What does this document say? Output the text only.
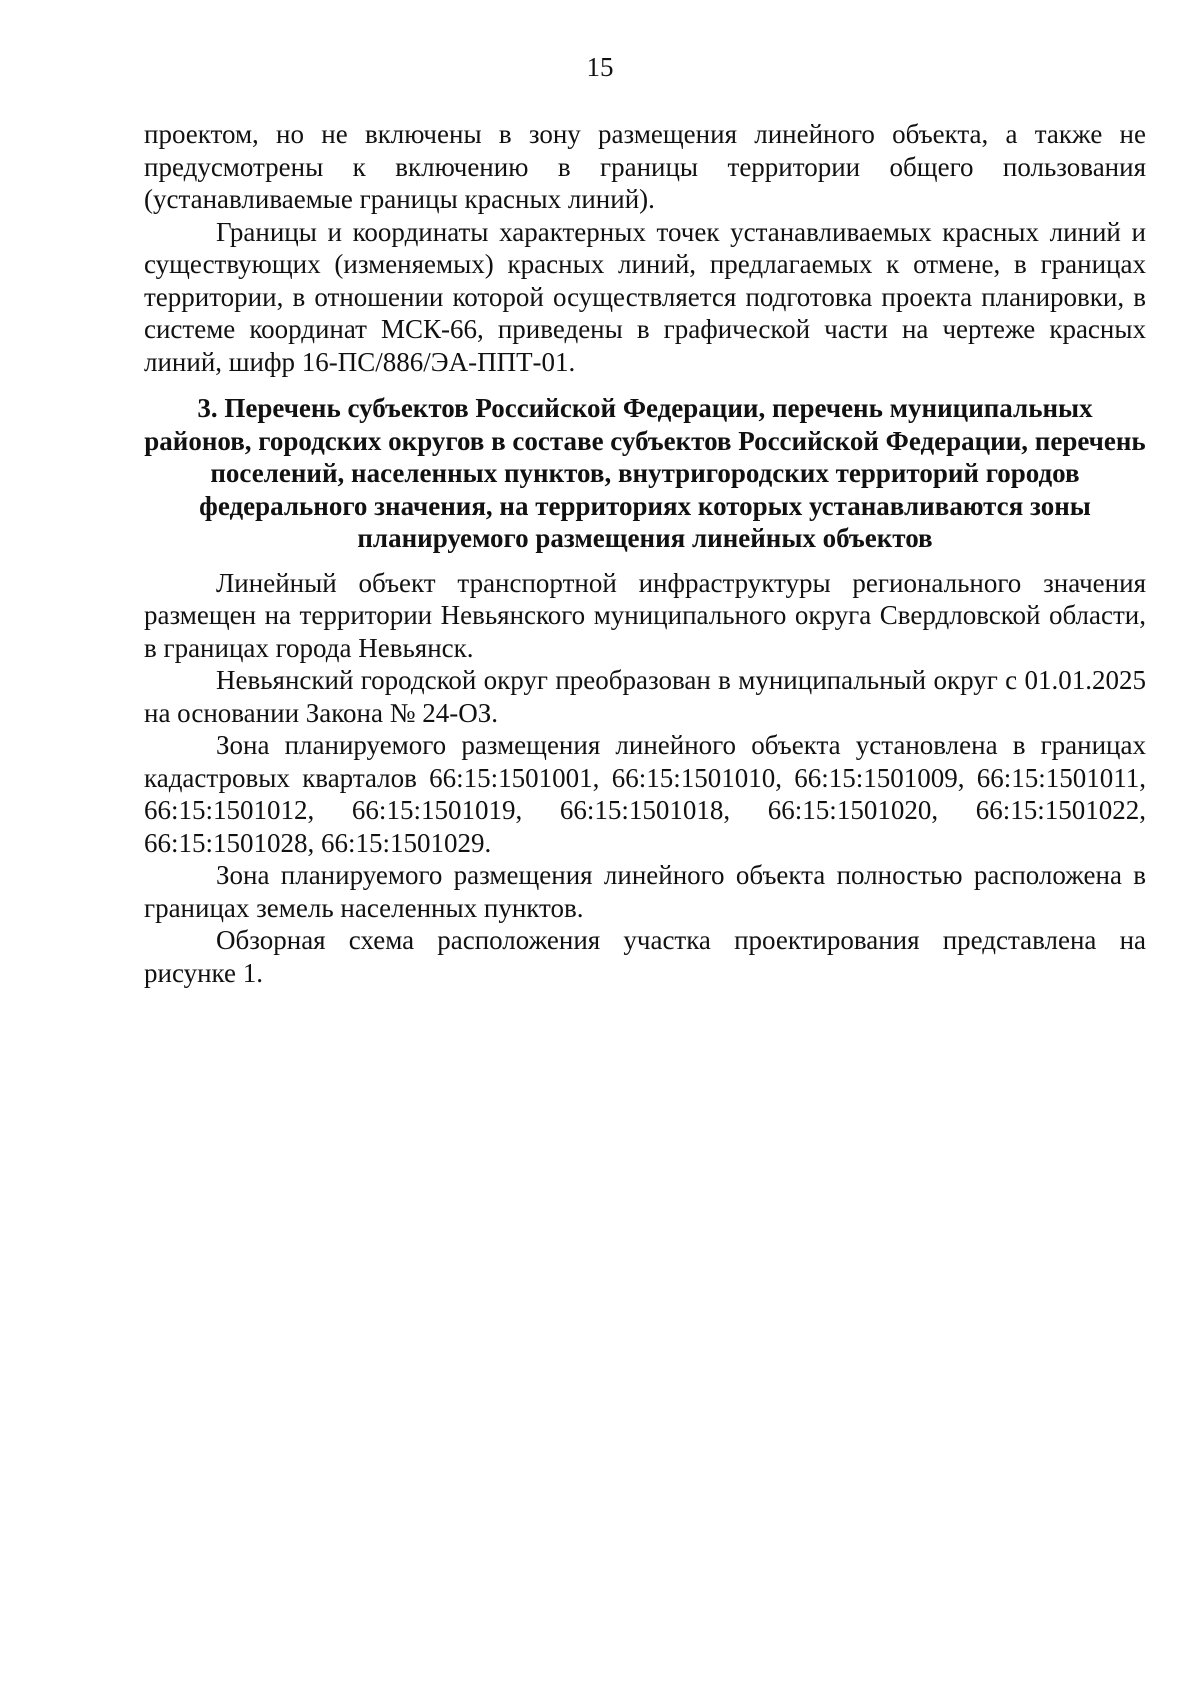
15

проектом, но не включены в зону размещения линейного объекта, а также не предусмотрены к включению в границы территории общего пользования (устанавливаемые границы красных линий).

Границы и координаты характерных точек устанавливаемых красных линий и существующих (изменяемых) красных линий, предлагаемых к отмене, в границах территории, в отношении которой осуществляется подготовка проекта планировки, в системе координат МСК-66, приведены в графической части на чертеже красных линий, шифр 16-ПС/886/ЭА-ППТ-01.

3. Перечень субъектов Российской Федерации, перечень муниципальных районов, городских округов в составе субъектов Российской Федерации, перечень поселений, населенных пунктов, внутригородских территорий городов федерального значения, на территориях которых устанавливаются зоны планируемого размещения линейных объектов

Линейный объект транспортной инфраструктуры регионального значения размещен на территории Невьянского муниципального округа Свердловской области, в границах города Невьянск.

Невьянский городской округ преобразован в муниципальный округ с 01.01.2025 на основании Закона № 24-ОЗ.

Зона планируемого размещения линейного объекта установлена в границах кадастровых кварталов 66:15:1501001, 66:15:1501010, 66:15:1501009, 66:15:1501011, 66:15:1501012, 66:15:1501019, 66:15:1501018, 66:15:1501020, 66:15:1501022, 66:15:1501028, 66:15:1501029.

Зона планируемого размещения линейного объекта полностью расположена в границах земель населенных пунктов.

Обзорная схема расположения участка проектирования представлена на рисунке 1.
